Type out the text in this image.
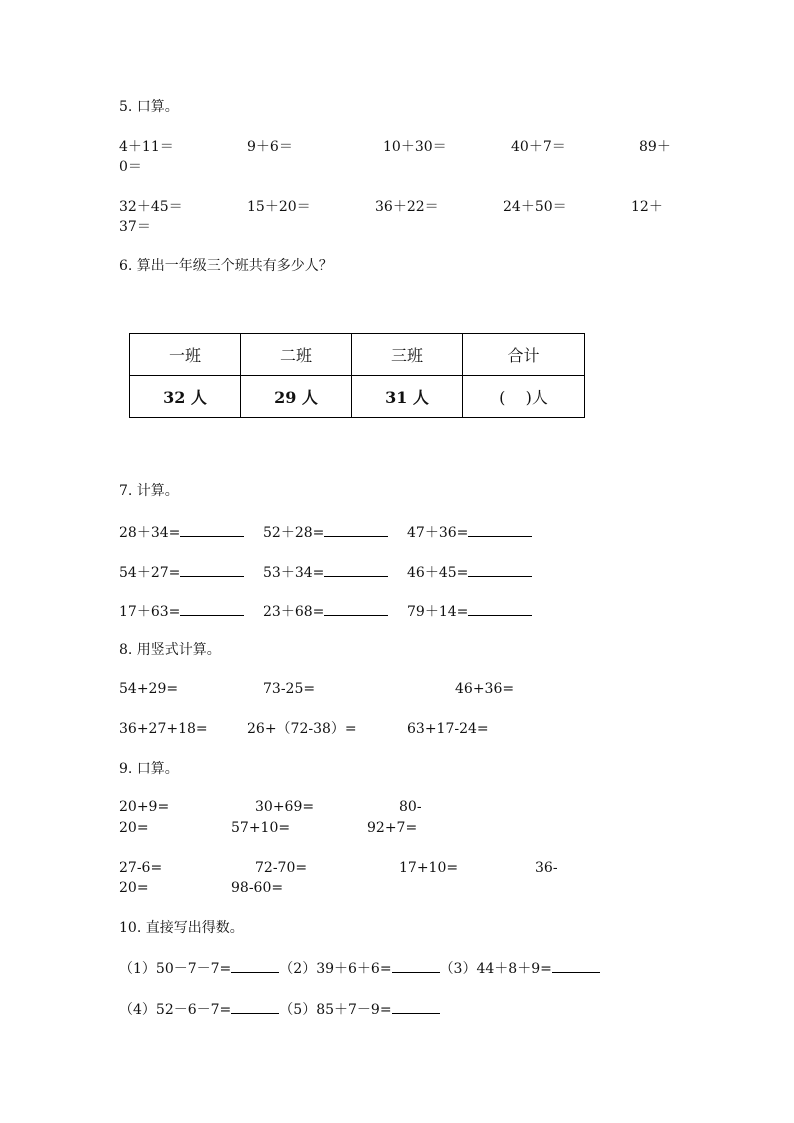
5. 口算。
4＋11＝	9＋6＝	10＋30＝	40＋7＝	89＋
0＝
32＋45＝	15＋20＝	36＋22＝	24＋50＝	12＋
37＝
6. 算出一年级三个班共有多少人？
一班	二班	三班	合计
32 人	29 人	31 人	(    )人
7. 计算。
28＋34=	52＋28=	47＋36=
54＋27=	53＋34=	46＋45=
17＋63=	23＋68=	79＋14=
8. 用竖式计算。
54+29=	73-25=	46+36=
36+27+18=	26+（72-38）=	63+17-24=
9. 口算。
20+9=	30+69=	80-
20=	57+10=	92+7=
27-6=	72-70=	17+10=	36-
20=	98-60=
10. 直接写出得数。
（1）50－7－7=	（2）39＋6＋6=	（3）44＋8＋9=
（4）52－6－7=	（5）85＋7－9=
